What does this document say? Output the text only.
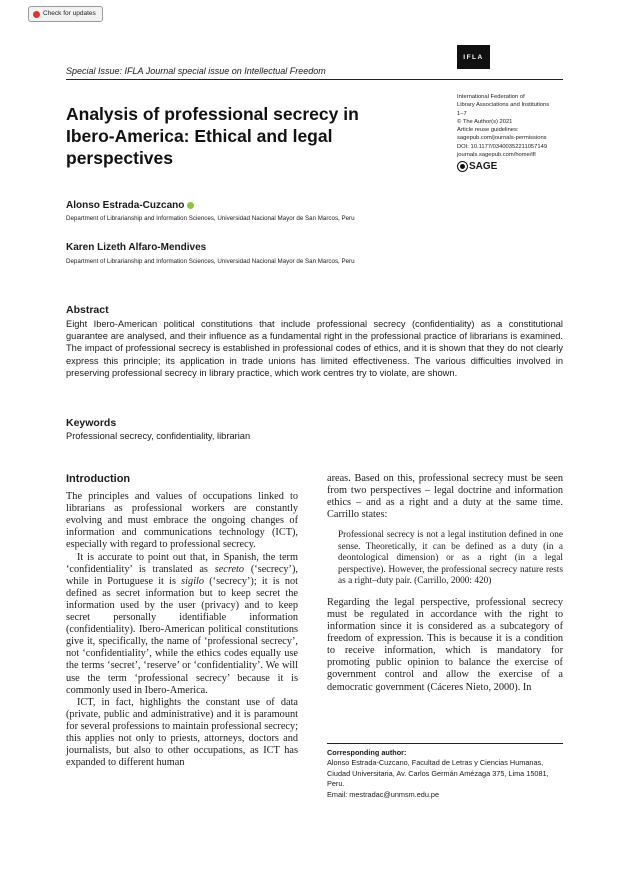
Check for updates
IFLA
Special Issue: IFLA Journal special issue on Intellectual Freedom
Analysis of professional secrecy in Ibero-America: Ethical and legal perspectives
International Federation of
Library Associations and Institutions
1–7
© The Author(s) 2021
Article reuse guidelines:
sagepub.com/journals-permissions
DOI: 10.1177/03400352211057149
journals.sagepub.com/home/ifl
SAGE
Alonso Estrada-Cuzcano
Department of Librarianship and Information Sciences, Universidad Nacional Mayor de San Marcos, Peru
Karen Lizeth Alfaro-Mendives
Department of Librarianship and Information Sciences, Universidad Nacional Mayor de San Marcos, Peru
Abstract

Eight Ibero-American political constitutions that include professional secrecy (confidentiality) as a constitutional guarantee are analysed, and their influence as a fundamental right in the professional practice of librarians is examined. The impact of professional secrecy is established in professional codes of ethics, and it is shown that they do not clearly express this principle; its application in trade unions has limited effectiveness. The various difficulties involved in preserving professional secrecy in library practice, which work centres try to violate, are shown.

Keywords
Professional secrecy, confidentiality, librarian

Introduction

The principles and values of occupations linked to librarians as professional workers are constantly evolving and must embrace the ongoing changes of information and communications technology (ICT), especially with regard to professional secrecy.

It is accurate to point out that, in Spanish, the term ‘confidentiality’ is translated as secreto (‘secrecy’), while in Portuguese it is sigilo (‘secrecy’); it is not defined as secret information but to keep secret the information used by the user (privacy) and to keep secret personally identifiable information (confidentiality). Ibero-American political constitutions give it, specifically, the name of ‘professional secrecy’, not ‘confidentiality’, while the ethics codes equally use the terms ‘secret’, ‘reserve’ or ‘confidentiality’. We will use the term ‘professional secrecy’ because it is commonly used in Ibero-America.

ICT, in fact, highlights the constant use of data (private, public and administrative) and it is paramount for several professions to maintain professional secrecy; this applies not only to priests, attorneys, doctors and journalists, but also to other occupations, as ICT has expanded to different human

areas. Based on this, professional secrecy must be seen from two perspectives – legal doctrine and information ethics – and as a right and a duty at the same time. Carrillo states:

Professional secrecy is not a legal institution defined in one sense. Theoretically, it can be defined as a duty (in a deontological dimension) or as a right (in a legal perspective). However, the professional secrecy nature rests as a right–duty pair. (Carrillo, 2000: 420)

Regarding the legal perspective, professional secrecy must be regulated in accordance with the right to information since it is considered as a subcategory of freedom of expression. This is because it is a condition to receive information, which is mandatory for promoting public opinion to balance the exercise of government control and allow the exercise of a democratic government (Cáceres Nieto, 2000). In

Corresponding author:
Alonso Estrada-Cuzcano, Facultad de Letras y Ciencias Humanas, Ciudad Universitaria, Av. Carlos Germán Amézaga 375, Lima 15081, Peru.
Email: mestradac@unmsm.edu.pe
